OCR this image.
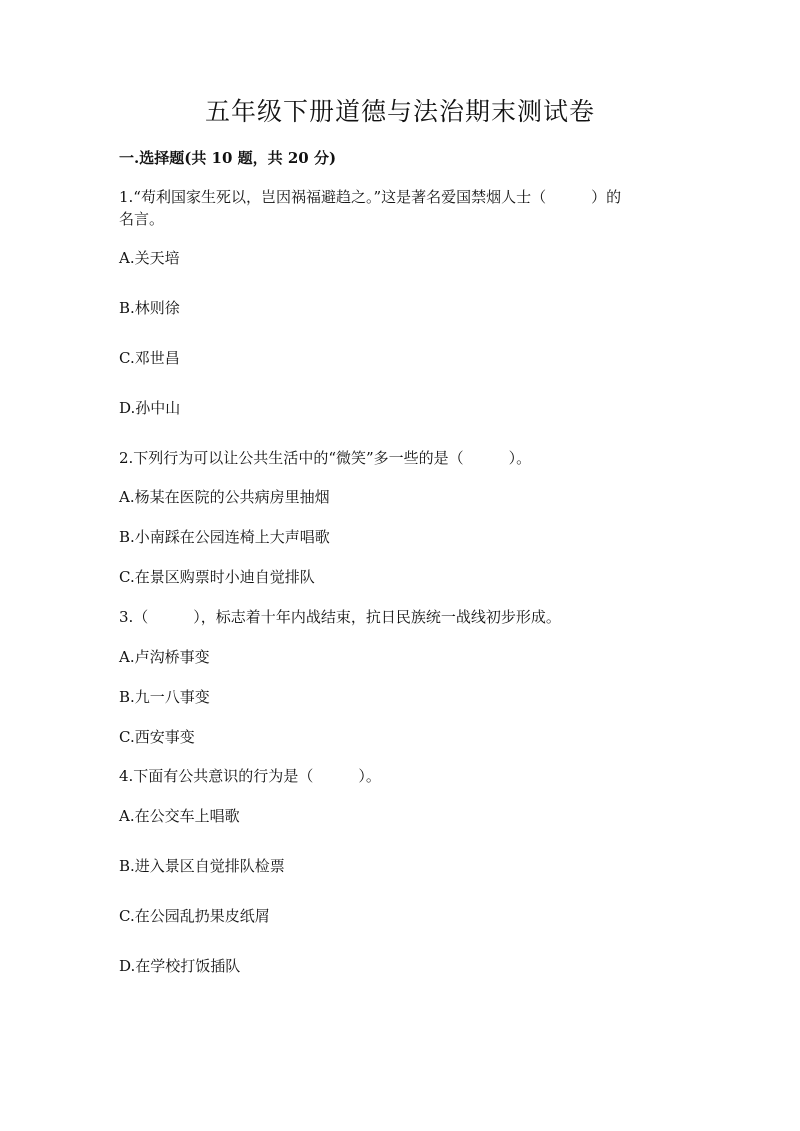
五年级下册道德与法治期末测试卷
一.选择题(共 10 题，共 20 分)
1.“苟利国家生死以，岂因祸福避趋之。”这是著名爱国禁烟人士（　　　）的
名言。
A.关天培
B.林则徐
C.邓世昌
D.孙中山
2.下列行为可以让公共生活中的“微笑”多一些的是（　　　）。
A.杨某在医院的公共病房里抽烟
B.小南踩在公园连椅上大声唱歌
C.在景区购票时小迪自觉排队
3.（　　　），标志着十年内战结束，抗日民族统一战线初步形成。
A.卢沟桥事变
B.九一八事变
C.西安事变
4.下面有公共意识的行为是（　　　）。
A.在公交车上唱歌
B.进入景区自觉排队检票
C.在公园乱扔果皮纸屑
D.在学校打饭插队
